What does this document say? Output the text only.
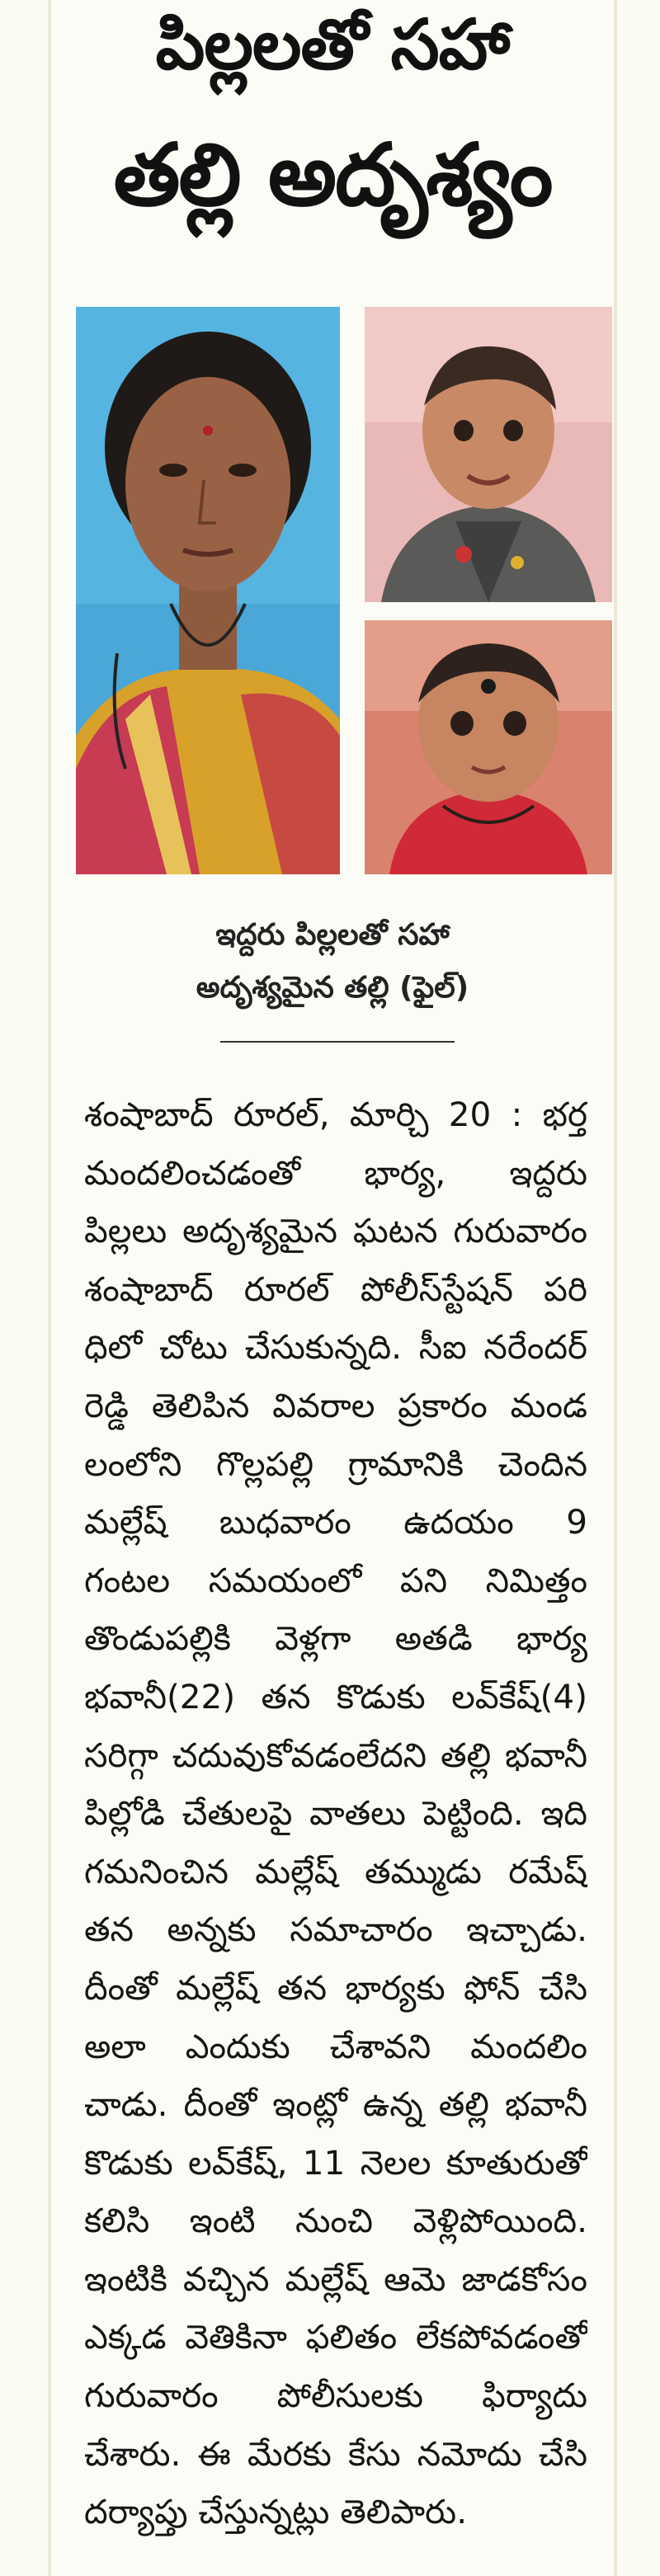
పిల్లలతో సహా
తల్లి అదృశ్యం
ఇద్దరు పిల్లలతో సహా
అదృశ్యమైన తల్లి (ఫైల్)
శంషాబాద్ రూరల్, మార్చి 20 : భర్త
మందలించడంతో భార్య, ఇద్దరు
పిల్లలు అదృశ్యమైన ఘటన గురువారం
శంషాబాద్ రూరల్ పోలీస్‌స్టేషన్ పరి
ధిలో చోటు చేసుకున్నది. సీఐ నరేందర్
రెడ్డి తెలిపిన వివరాల ప్రకారం మండ
లంలోని గొల్లపల్లి గ్రామానికి చెందిన
మల్లేష్ బుధవారం ఉదయం 9
గంటల సమయంలో పని నిమిత్తం
తొండుపల్లికి వెళ్లగా అతడి భార్య
భవానీ(22) తన కొడుకు లవ్‌కేష్(4)
సరిగ్గా చదువుకోవడంలేదని తల్లి భవానీ
పిల్లోడి చేతులపై వాతలు పెట్టింది. ఇది
గమనించిన మల్లేష్ తమ్ముడు రమేష్
తన అన్నకు సమాచారం ఇచ్చాడు.
దీంతో మల్లేష్ తన భార్యకు ఫోన్ చేసి
అలా ఎందుకు చేశావని మందలిం
చాడు. దీంతో ఇంట్లో ఉన్న తల్లి భవానీ
కొడుకు లవ్‌కేష్, 11 నెలల కూతురుతో
కలిసి ఇంటి నుంచి వెళ్లిపోయింది.
ఇంటికి వచ్చిన మల్లేష్ ఆమె జాడకోసం
ఎక్కడ వెతికినా ఫలితం లేకపోవడంతో
గురువారం పోలీసులకు ఫిర్యాదు
చేశారు. ఈ మేరకు కేసు నమోదు చేసి
దర్యాప్తు చేస్తున్నట్లు తెలిపారు.
